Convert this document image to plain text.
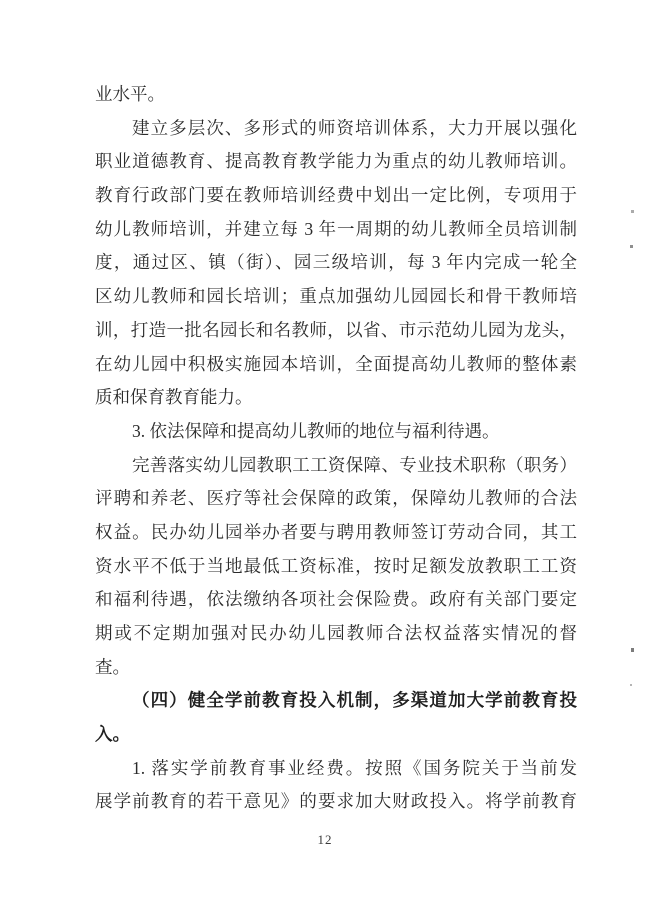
业水平。
建立多层次、多形式的师资培训体系，大力开展以强化
职业道德教育、提高教育教学能力为重点的幼儿教师培训。
教育行政部门要在教师培训经费中划出一定比例，专项用于
幼儿教师培训，并建立每 3 年一周期的幼儿教师全员培训制
度，通过区、镇（街）、园三级培训，每 3 年内完成一轮全
区幼儿教师和园长培训；重点加强幼儿园园长和骨干教师培
训，打造一批名园长和名教师，以省、市示范幼儿园为龙头，
在幼儿园中积极实施园本培训，全面提高幼儿教师的整体素
质和保育教育能力。
3. 依法保障和提高幼儿教师的地位与福利待遇。
完善落实幼儿园教职工工资保障、专业技术职称（职务）
评聘和养老、医疗等社会保障的政策，保障幼儿教师的合法
权益。民办幼儿园举办者要与聘用教师签订劳动合同，其工
资水平不低于当地最低工资标准，按时足额发放教职工工资
和福利待遇，依法缴纳各项社会保险费。政府有关部门要定
期或不定期加强对民办幼儿园教师合法权益落实情况的督
查。
（四）健全学前教育投入机制，多渠道加大学前教育投
入。
1. 落实学前教育事业经费。按照《国务院关于当前发
展学前教育的若干意见》的要求加大财政投入。将学前教育
12
